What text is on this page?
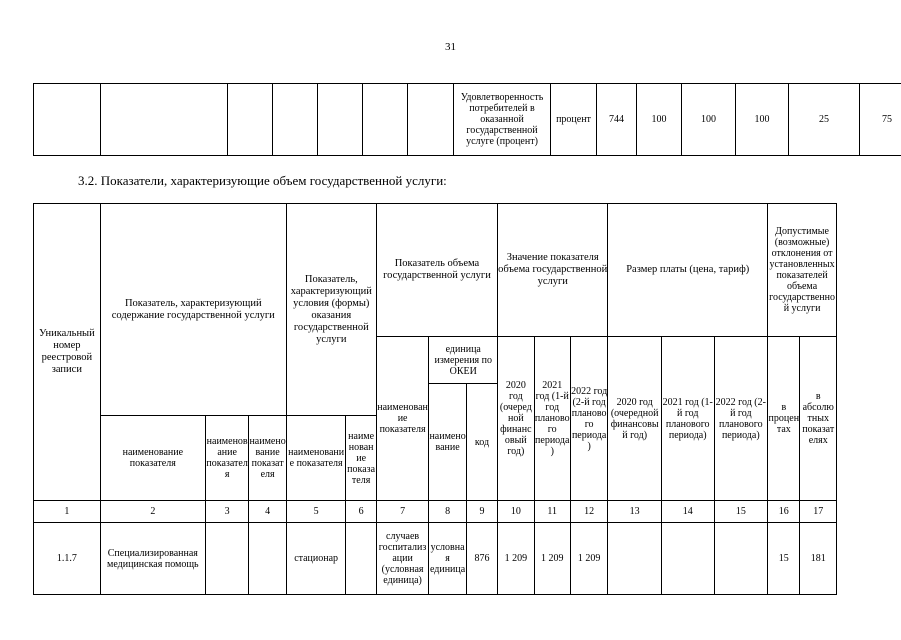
31
							Удовлетворенность потребителей в оказанной государственной услуге (процент)	процент	744	100	100	100	25	75
3.2. Показатели, характеризующие объем государственной услуги:
Уникальный номер реестровой записи	Показатель, характеризующий содержание государственной услуги			Показатель, характеризующий условия (формы) оказания государственной услуги		Показатель объема государственной услуги			Значение показателя объема государственной услуги			Размер платы (цена, тариф)			Допустимые (возможные) отклонения от установленных показателей объема государственной услуги	
						наименование показателя	единица измерения по ОКЕИ		2020 год (очередной финансовый год)	2021 год (1-й год планового периода)	2022 год (2-й год планового периода)	2020 год (очередной финансовый год)	2021 год (1-й год планового периода)	2022 год (2-й год планового периода)	в процентах	в абсолютных показателях
							наименование	код								
	наименование показателя	наименование показателя	наименование показателя	наименование показателя	наименование показателя											
1	2	3	4	5	6	7	8	9	10	11	12	13	14	15	16	17
1.1.7	Специализированная медицинская помощь			стационар		случаев госпитализации (условная единица)	условная единица	876	1 209	1 209	1 209				15	181
